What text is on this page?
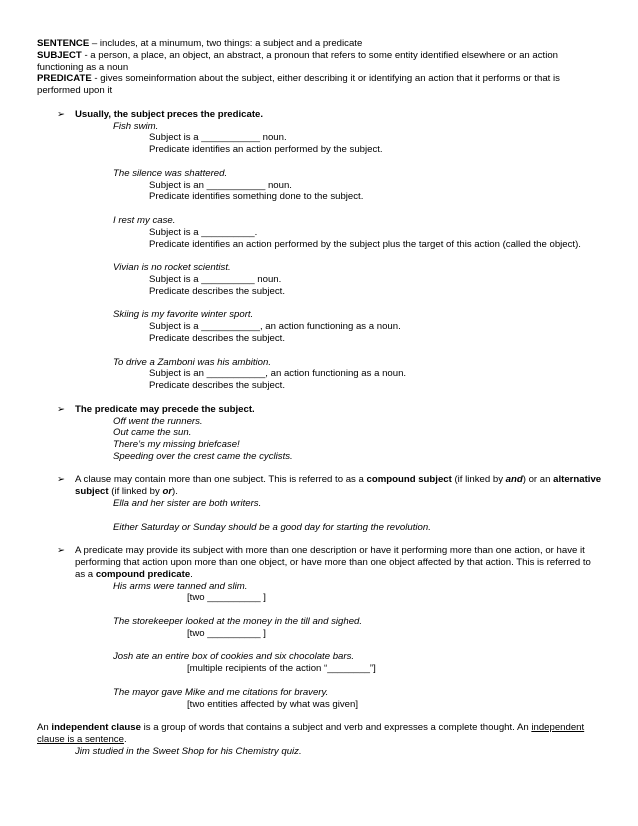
SENTENCE – includes, at a minumum, two things: a subject and a predicate

SUBJECT - a person, a place, an object, an abstract, a pronoun that refers to some entity identified elsewhere or an action functioning as a noun

PREDICATE - gives someinformation about the subject, either describing it or identifying an action that it performs or that is performed upon it

➢ Usually, the subject preces the predicate.

Fish swim.

Subject is a ___________ noun.

Predicate identifies an action performed by the subject.

The silence was shattered.

Subject is an ___________ noun.

Predicate identifies something done to the subject.

I rest my case.

Subject is a __________.

Predicate identifies an action performed by the subject plus the target of this action (called the object).

Vivian is no rocket scientist.

Subject is a __________ noun.

Predicate describes the subject.

Skiing is my favorite winter sport.

Subject is a ___________, an action functioning as a noun.

Predicate describes the subject.

To drive a Zamboni was his ambition.

Subject is an ___________, an action functioning as a noun.

Predicate describes the subject.

➢ The predicate may precede the subject.

Off went the runners.

Out came the sun.

There’s my missing briefcase!

Speeding over the crest came the cyclists.

➢ A clause may contain more than one subject. This is referred to as a compound subject (if linked by and) or an alternative subject (if linked by or).

Ella and her sister are both writers.

Either Saturday or Sunday should be a good day for starting the revolution.

➢ A predicate may provide its subject with more than one description or have it performing more than one action, or have it performing that action upon more than one object, or have more than one object affected by that action. This is referred to as a compound predicate.

His arms were tanned and slim.

[two __________ ]

The storekeeper looked at the money in the till and sighed.

[two __________ ]

Josh ate an entire box of cookies and six chocolate bars.

[multiple recipients of the action “________”]

The mayor gave Mike and me citations for bravery.

[two entities affected by what was given]

An independent clause is a group of words that contains a subject and verb and expresses a complete thought. An independent clause is a sentence.

Jim studied in the Sweet Shop for his Chemistry quiz.
